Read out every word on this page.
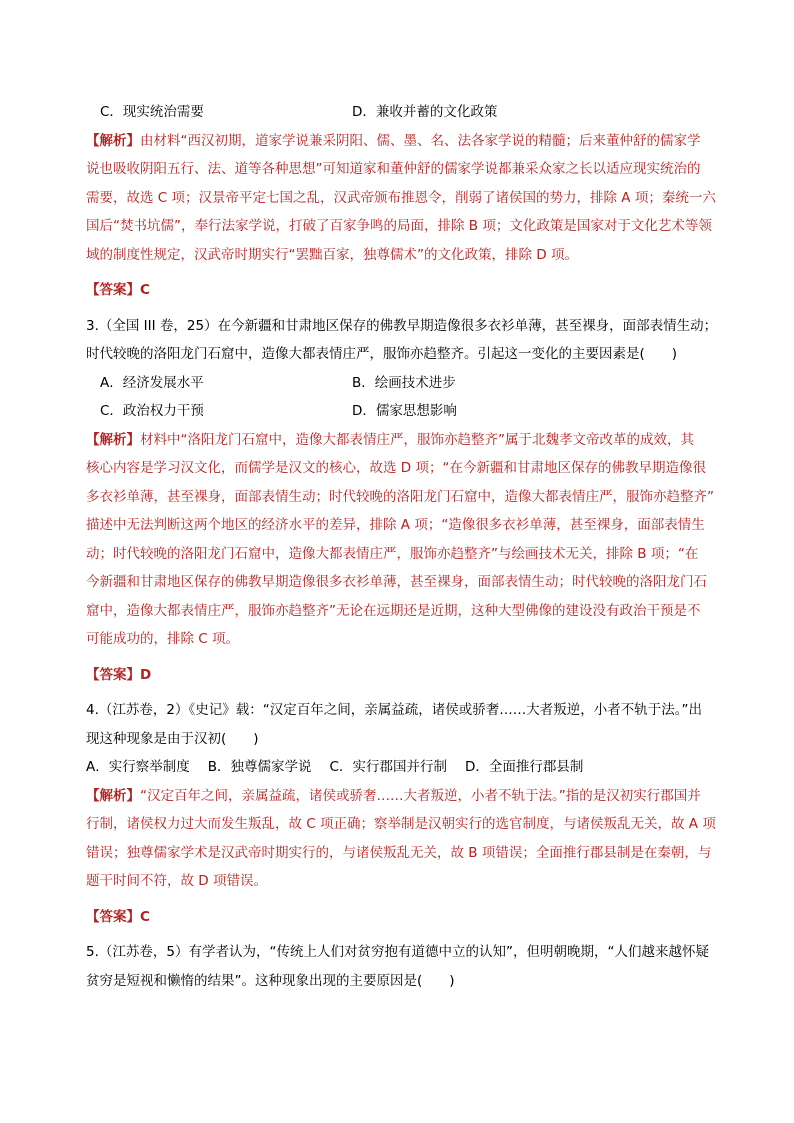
C．现实统治需要	D．兼收并蓄的文化政策

【解析】由材料“西汉初期，道家学说兼采阴阳、儒、墨、名、法各家学说的精髓；后来董仲舒的儒家学

说也吸收阴阳五行、法、道等各种思想”可知道家和董仲舒的儒家学说都兼采众家之长以适应现实统治的

需要，故选 C 项；汉景帝平定七国之乱，汉武帝颁布推恩令，削弱了诸侯国的势力，排除 A 项；秦统一六

国后“焚书坑儒”，奉行法家学说，打破了百家争鸣的局面，排除 B 项；文化政策是国家对于文化艺术等领

域的制度性规定，汉武帝时期实行“罢黜百家，独尊儒术”的文化政策，排除 D 项。

【答案】C

3.（全国 III 卷，25）在今新疆和甘肃地区保存的佛教早期造像很多衣衫单薄，甚至裸身，面部表情生动；

时代较晚的洛阳龙门石窟中，造像大都表情庄严，服饰亦趋整齐。引起这一变化的主要因素是(　　)

A．经济发展水平	B．绘画技术进步
C．政治权力干预	D．儒家思想影响

【解析】材料中“洛阳龙门石窟中，造像大都表情庄严，服饰亦趋整齐”属于北魏孝文帝改革的成效，其

核心内容是学习汉文化，而儒学是汉文的核心，故选 D 项；“在今新疆和甘肃地区保存的佛教早期造像很

多衣衫单薄，甚至裸身，面部表情生动；时代较晚的洛阳龙门石窟中，造像大都表情庄严，服饰亦趋整齐”

描述中无法判断这两个地区的经济水平的差异，排除 A 项；“造像很多衣衫单薄，甚至裸身，面部表情生

动；时代较晚的洛阳龙门石窟中，造像大都表情庄严，服饰亦趋整齐”与绘画技术无关，排除 B 项；“在

今新疆和甘肃地区保存的佛教早期造像很多衣衫单薄，甚至裸身，面部表情生动；时代较晚的洛阳龙门石

窟中，造像大都表情庄严，服饰亦趋整齐”无论在远期还是近期，这种大型佛像的建设没有政治干预是不

可能成功的，排除 C 项。

【答案】D

4.（江苏卷，2）《史记》载：“汉定百年之间，亲属益疏，诸侯或骄奢……大者叛逆，小者不轨于法。”出

现这种现象是由于汉初(　　)

A．实行察举制度 B．独尊儒家学说 C．实行郡国并行制 D．全面推行郡县制

【解析】“汉定百年之间，亲属益疏，诸侯或骄奢……大者叛逆，小者不轨于法。”指的是汉初实行郡国并

行制，诸侯权力过大而发生叛乱，故 C 项正确；察举制是汉朝实行的选官制度，与诸侯叛乱无关，故 A 项

错误；独尊儒家学术是汉武帝时期实行的，与诸侯叛乱无关，故 B 项错误；全面推行郡县制是在秦朝，与

题干时间不符，故 D 项错误。

【答案】C

5.（江苏卷，5）有学者认为，“传统上人们对贫穷抱有道德中立的认知”，但明朝晚期，“人们越来越怀疑

贫穷是短视和懒惰的结果”。这种现象出现的主要原因是(　　)
